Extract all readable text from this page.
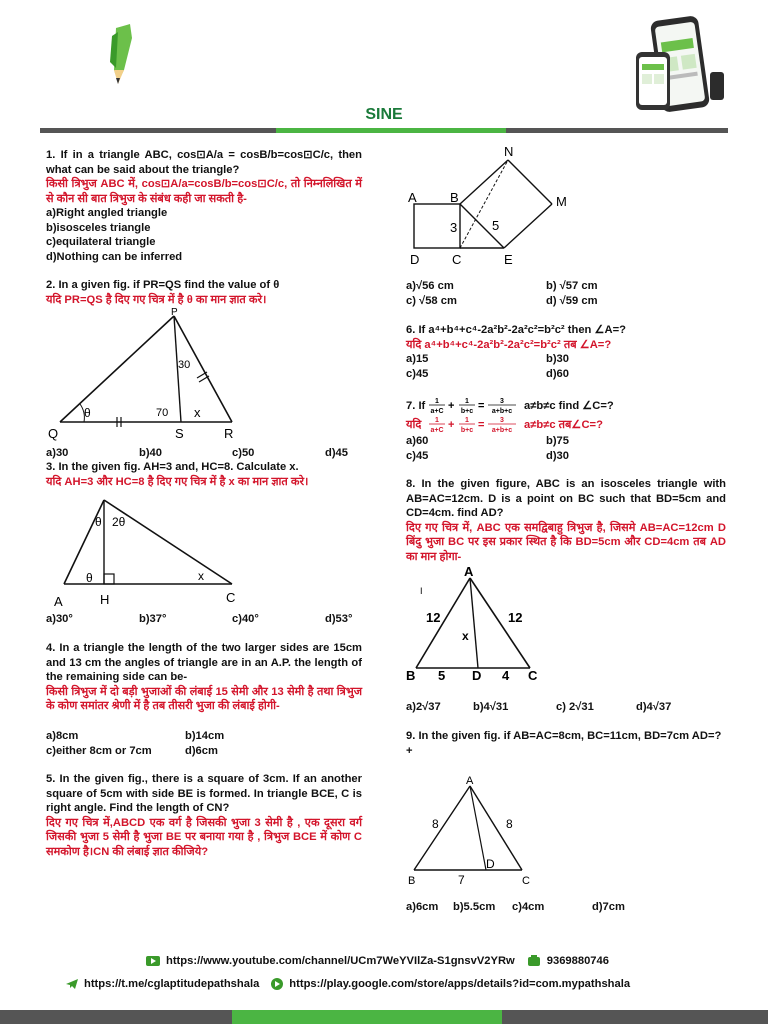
SINE
1. If in a triangle ABC, cos⊡A/a = cosB/b=cos⊡C/c, then what can be said about the triangle?
किसी त्रिभुज ABC में, cos⊡A/a=cosB/b=cos⊡C/c, तो निम्नलिखित में से कौन सी बात त्रिभुज के संबंध कही जा सकती है-
a)Right angled triangle
b)isosceles triangle
c)equilateral triangle
d)Nothing can be inferred
2. In a given fig. if PR=QS find the value of θ
यदि PR=QS है दिए गए चित्र में है θ का मान ज्ञात करे।
P
Q	S	R
30
70 x
θ
a)30	b)40	c)50	d)45
3. In the given fig. AH=3 and, HC=8. Calculate x.
यदि AH=3 और HC=8 है दिए गए चित्र में है x का मान ज्ञात करे।
θ 2θ
θ	x
A	H	C
a)30°	b)37°	c)40°	d)53°
4. In a triangle the length of the two larger sides are 15cm and 13 cm the angles of triangle are in an A.P. the length of the remaining side can be-
किसी त्रिभुज में दो बड़ी भुजाओं की लंबाई 15 सेमी और 13 सेमी है तथा त्रिभुज के कोण समांतर श्रेणी में है तब तीसरी भुजा की लंबाई होगी-
a)8cm	b)14cm
c)either 8cm or 7cm	d)6cm
5. In the given fig., there is a square of 3cm. If an another square of 5cm with side BE is formed. In triangle BCE, C is right angle. Find the length of CN?
दिए गए चित्र में,ABCD एक वर्ग है जिसकी भुजा 3 सेमी है , एक दूसरा वर्ग जिसकी भुजा 5 सेमी है भुजा BE पर बनाया गया है , त्रिभुज BCE में कोण C समकोण है।CN की लंबाई ज्ञात कीजिये?
N
A	B	M
3	5
D	C	E
a)√56 cm	b) √57 cm
c) √58 cm	d) √59 cm
6. If a⁴+b⁴+c⁴-2a²b²-2a²c²=b²c² then ∠A=?
यदि a⁴+b⁴+c⁴-2a²b²-2a²c²=b²c² तब ∠A=?
a)15	b)30
c)45	d)60
7. If 1
a+C + 1
b+c = 3
a+b+c a≠b≠c find ∠C=?
यदि 1
a+C + 1
b+c = 3
a+b+c a≠b≠c तब∠C=?
a)60	b)75
c)45	d)30
8. In the given figure, ABC is an isosceles triangle with AB=AC=12cm. D is a point on BC such that BD=5cm and CD=4cm. find AD?
दिए गए चित्र में, ABC एक समद्विबाहु त्रिभुज है, जिसमे AB=AC=12cm D बिंदु भुजा BC पर इस प्रकार स्थित है कि BD=5cm और CD=4cm तब AD का मान होगा-
I
A
12	12
x
B 5 D 4 C
a)2√37	b)4√31	c) 2√31	d)4√37
9. In the given fig. if AB=AC=8cm, BC=11cm, BD=7cm AD=?+
A
8	8
D
B	7	C
a)6cm	b)5.5cm	c)4cm	d)7cm
https://www.youtube.com/channel/UCm7WeYVIlZa-S1gnsvV2YRw	9369880746
https://t.me/cglaptitudepathshala	https://play.google.com/store/apps/details?id=com.mypathshala
